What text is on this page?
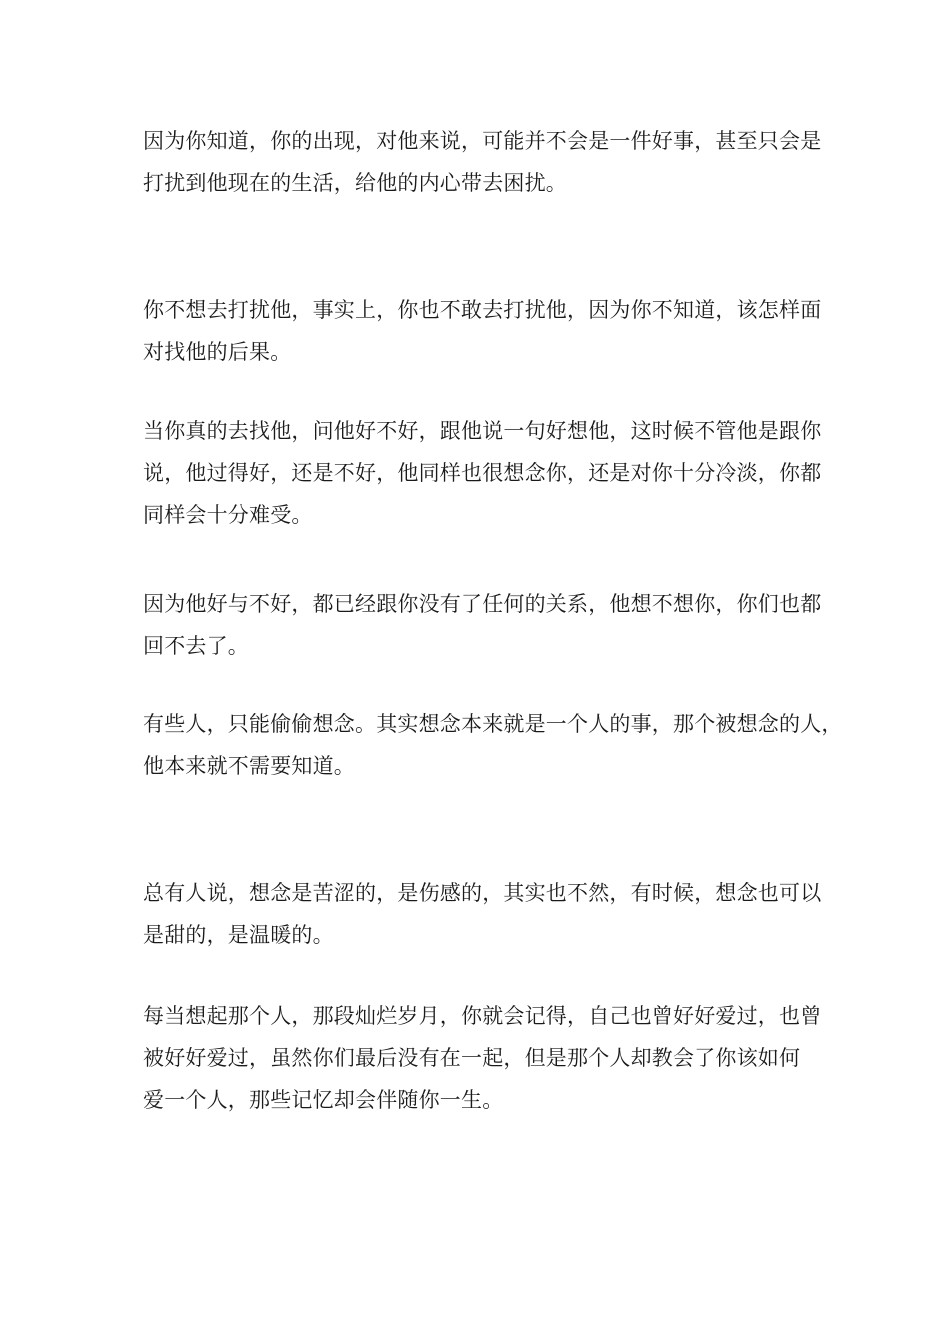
因为你知道，你的出现，对他来说，可能并不会是一件好事，甚至只会是
打扰到他现在的生活，给他的内心带去困扰。

你不想去打扰他，事实上，你也不敢去打扰他，因为你不知道，该怎样面
对找他的后果。

当你真的去找他，问他好不好，跟他说一句好想他，这时候不管他是跟你
说，他过得好，还是不好，他同样也很想念你，还是对你十分冷淡，你都
同样会十分难受。

因为他好与不好，都已经跟你没有了任何的关系，他想不想你，你们也都
回不去了。

有些人，只能偷偷想念。其实想念本来就是一个人的事，那个被想念的人，
他本来就不需要知道。

总有人说，想念是苦涩的，是伤感的，其实也不然，有时候，想念也可以
是甜的，是温暖的。

每当想起那个人，那段灿烂岁月，你就会记得，自己也曾好好爱过，也曾
被好好爱过，虽然你们最后没有在一起，但是那个人却教会了你该如何
爱一个人，那些记忆却会伴随你一生。
